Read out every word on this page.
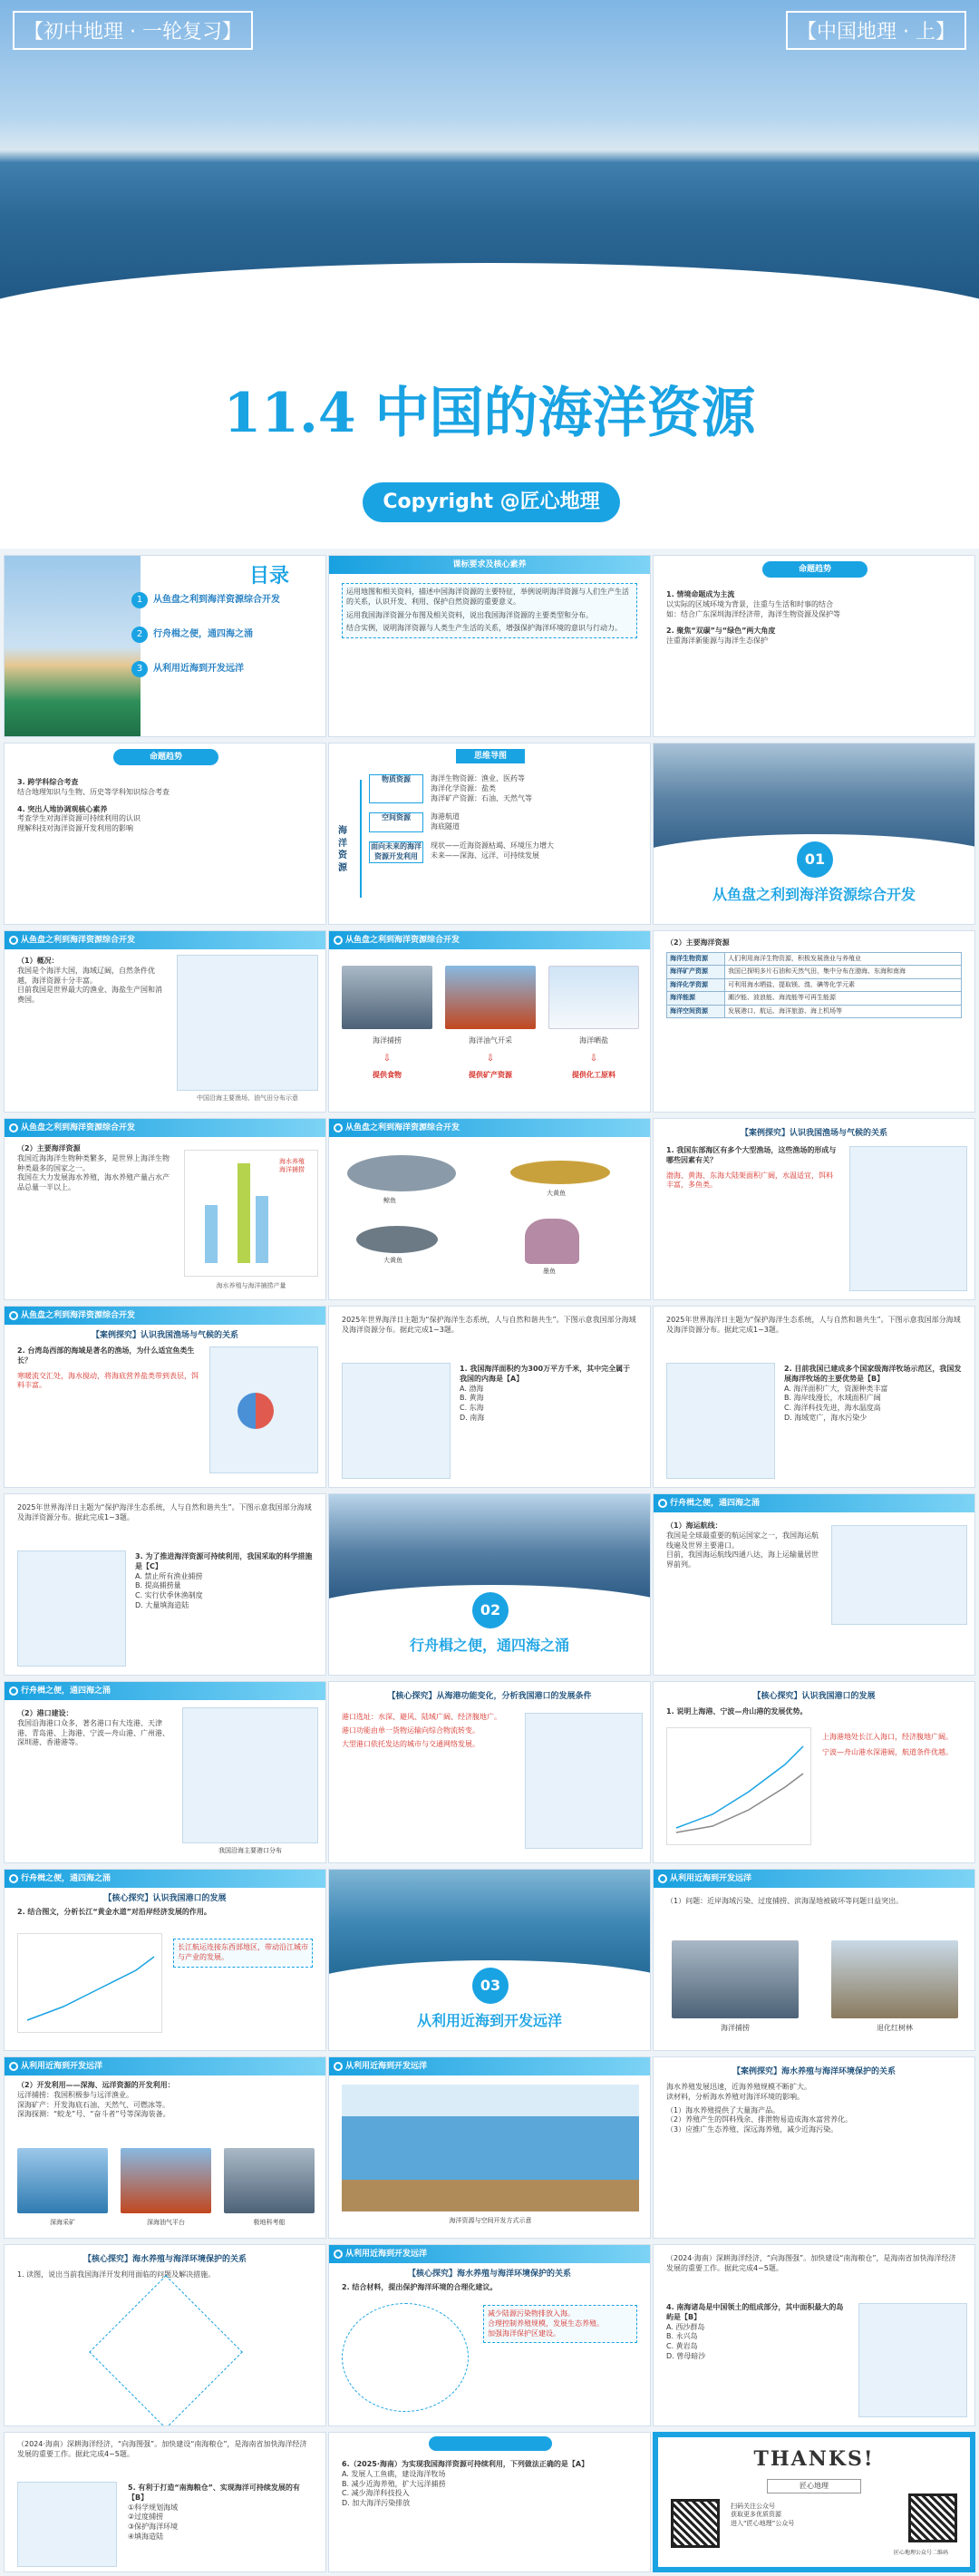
【初中地理 · 一轮复习】	【中国地理 · 上】
11.4 中国的海洋资源
Copyright @匠心地理
目录
1	从鱼盘之利到海洋资源综合开发
2	行舟楫之便，通四海之涌
3	从利用近海到开发远洋
课标要求及核心素养

运用地图和相关资料，描述中国海洋资源的主要特征，举例说明海洋资源与人们生产生活的关系，认识开发、利用、保护自然资源的重要意义。

运用我国海洋资源分布图及相关资料，说出我国海洋资源的主要类型和分布。

结合实例，说明海洋资源与人类生产生活的关系，增强保护海洋环境的意识与行动力。

命题趋势

1. 情境命题成为主流

以实际的区域环境为背景，注重与生活和时事的结合

如：结合广东深圳海洋经济带，海洋生物资源及保护等

2. 聚焦“双碳”与“绿色”两大角度

注重海洋新能源与海洋生态保护

命题趋势

3. 跨学科综合考查

结合地理知识与生物、历史等学科知识综合考查

4. 突出人地协调观核心素养

考查学生对海洋资源可持续利用的认识

理解科技对海洋资源开发利用的影响

思维导图
海洋资源
物质资源	海洋生物资源：渔业、医药等

海洋化学资源：盐类

海洋矿产资源：石油、天然气等

空间资源	海港航道

海底隧道

面向未来的海洋资源开发利用

现状——近海资源枯竭、环境压力增大

未来——深海、远洋、可持续发展	01
从鱼盘之利到海洋资源综合开发
从鱼盘之利到海洋资源综合开发

（1）概况：

我国是个海洋大国，海域辽阔，自然条件优越，海洋资源十分丰富。

目前我国是世界最大的渔业、海盐生产国和消费国。

中国沿海主要渔场、油气田分布示意
从鱼盘之利到海洋资源综合开发
海洋捕捞	海洋油气开采	海洋晒盐
⇩	⇩	⇩
提供食物	提供矿产资源	提供化工原料

（2）主要海洋资源

海洋生物资源	人们利用海洋生物资源，积极发展渔业与养殖业
海洋矿产资源	我国已探明多片石油和天然气田，集中分布在渤海、东海和南海
海洋化学资源	可利用海水晒盐、提取镁、溴、碘等化学元素
海洋能源	潮汐能、波浪能、海流能等可再生能源
海洋空间资源	发展港口、航运、海洋旅游、海上机场等
从鱼盘之利到海洋资源综合开发

（2）主要海洋资源

我国近海海洋生物种类繁多，是世界上海洋生物种类最多的国家之一。

我国在大力发展海水养殖，海水养殖产量占水产品总量一半以上。

海水养殖
海洋捕捞
海水养殖与海洋捕捞产量
从鱼盘之利到海洋资源综合开发
鲸鱼
大黄鱼
大黄鱼
墨鱼
【案例探究】认识我国渔场与气候的关系

1. 我国东部海区有多个大型渔场，这些渔场的形成与哪些因素有关？

渤海、黄海、东海大陆架面积广阔，水温适宜，饵料丰富，多鱼类。

从鱼盘之利到海洋资源综合开发
【案例探究】认识我国渔场与气候的关系

2. 台湾岛西部的海域是著名的渔场，为什么适宜鱼类生长？

寒暖流交汇处，海水搅动，将海底营养盐类带到表层，饵料丰富。

2025年世界海洋日主题为“保护海洋生态系统，人与自然和谐共生”。下图示意我国部分海域及海洋资源分布。据此完成1~3题。

1. 我国海洋面积约为300万平方千米，其中完全属于我国的内海是【A】

A. 渤海

B. 黄海

C. 东海

D. 南海

2025年世界海洋日主题为“保护海洋生态系统，人与自然和谐共生”。下图示意我国部分海域及海洋资源分布。据此完成1~3题。

2. 目前我国已建成多个国家级海洋牧场示范区，我国发展海洋牧场的主要优势是【B】

A. 海洋面积广大，资源种类丰富

B. 海岸线漫长，水域面积广阔

C. 海洋科技先进，海水温度高

D. 海域宽广，海水污染少

2025年世界海洋日主题为“保护海洋生态系统，人与自然和谐共生”。下图示意我国部分海域及海洋资源分布。据此完成1~3题。

3. 为了推进海洋资源可持续利用，我国采取的科学措施是【C】

A. 禁止所有渔业捕捞

B. 提高捕捞量

C. 实行伏季休渔制度

D. 大量填海造陆	02
行舟楫之便，通四海之涌
行舟楫之便，通四海之涌

（1）海运航线：

我国是全球最重要的航运国家之一，我国海运航线遍及世界主要港口。

目前，我国海运航线四通八达，海上运输量居世界前列。

行舟楫之便，通四海之涌

（2）港口建设：

我国沿海港口众多，著名港口有大连港、天津港、青岛港、上海港、宁波—舟山港、广州港、深圳港、香港港等。

我国沿海主要港口分布
【核心探究】从海港功能变化，分析我国港口的发展条件

港口选址：水深、避风、陆域广阔、经济腹地广。

港口功能由单一货物运输向综合物流转变。

大型港口依托发达的城市与交通网络发展。

【核心探究】认识我国港口的发展

1. 说明上海港、宁波—舟山港的发展优势。

上海港地处长江入海口，经济腹地广阔。

宁波—舟山港水深港阔，航道条件优越。

行舟楫之便，通四海之涌
【核心探究】认识我国港口的发展

2. 结合图文，分析长江“黄金水道”对沿岸经济发展的作用。

长江航运连接东西部地区，带动沿江城市与产业的发展。
03
从利用近海到开发远洋
从利用近海到开发远洋

（1）问题：近岸海域污染、过度捕捞、滨海湿地被破坏等问题日益突出。

海洋捕捞	退化红树林
从利用近海到开发远洋

（2）开发利用——深海、远洋资源的开发利用：

远洋捕捞：我国积极参与远洋渔业。

深海矿产：开发海底石油、天然气、可燃冰等。

深海探测：“蛟龙”号、“奋斗者”号等深海装备。

深海采矿	深海油气平台	极地科考船
从利用近海到开发远洋
海洋资源与空间开发方式示意
【案例探究】海水养殖与海洋环境保护的关系

海水养殖发展迅速，近海养殖规模不断扩大。

读材料，分析海水养殖对海洋环境的影响。

（1）海水养殖提供了大量海产品。

（2）养殖产生的饵料残余、排泄物易造成海水富营养化。

（3）应推广生态养殖、深远海养殖，减少近海污染。

【核心探究】海水养殖与海洋环境保护的关系

1. 读图，说出当前我国海洋开发利用面临的问题及解决措施。

从利用近海到开发远洋
【核心探究】海水养殖与海洋环境保护的关系

2. 结合材料，提出保护海洋环境的合理化建议。

减少陆源污染物排放入海。

合理控制养殖规模，发展生态养殖。

加强海洋保护区建设。

（2024·海南）深耕海洋经济，“向海图强”。加快建设“南海粮仓”，是海南省加快海洋经济发展的重要工作。据此完成4~5题。

4. 南海诸岛是中国领土的组成部分，其中面积最大的岛屿是【B】

A. 西沙群岛

B. 永兴岛

C. 黄岩岛

D. 曾母暗沙

（2024·海南）深耕海洋经济，“向海图强”。加快建设“南海粮仓”，是海南省加快海洋经济发展的重要工作。据此完成4~5题。

5. 有利于打造“南海粮仓”、实现海洋可持续发展的有【B】

①科学规划海域

②过度捕捞

③保护海洋环境

④填海造陆

6.（2025·海南）为实现我国海洋资源可持续利用，下列做法正确的是【A】

A. 发展人工鱼礁，建设海洋牧场

B. 减少近海养殖，扩大远洋捕捞

C. 减少海洋科技投入

D. 加大海洋污染排放

THANKS!
匠心地理

扫码关注公众号

获取更多优质资源

进入“匠心地理”公众号

匠心地理公众号二维码
